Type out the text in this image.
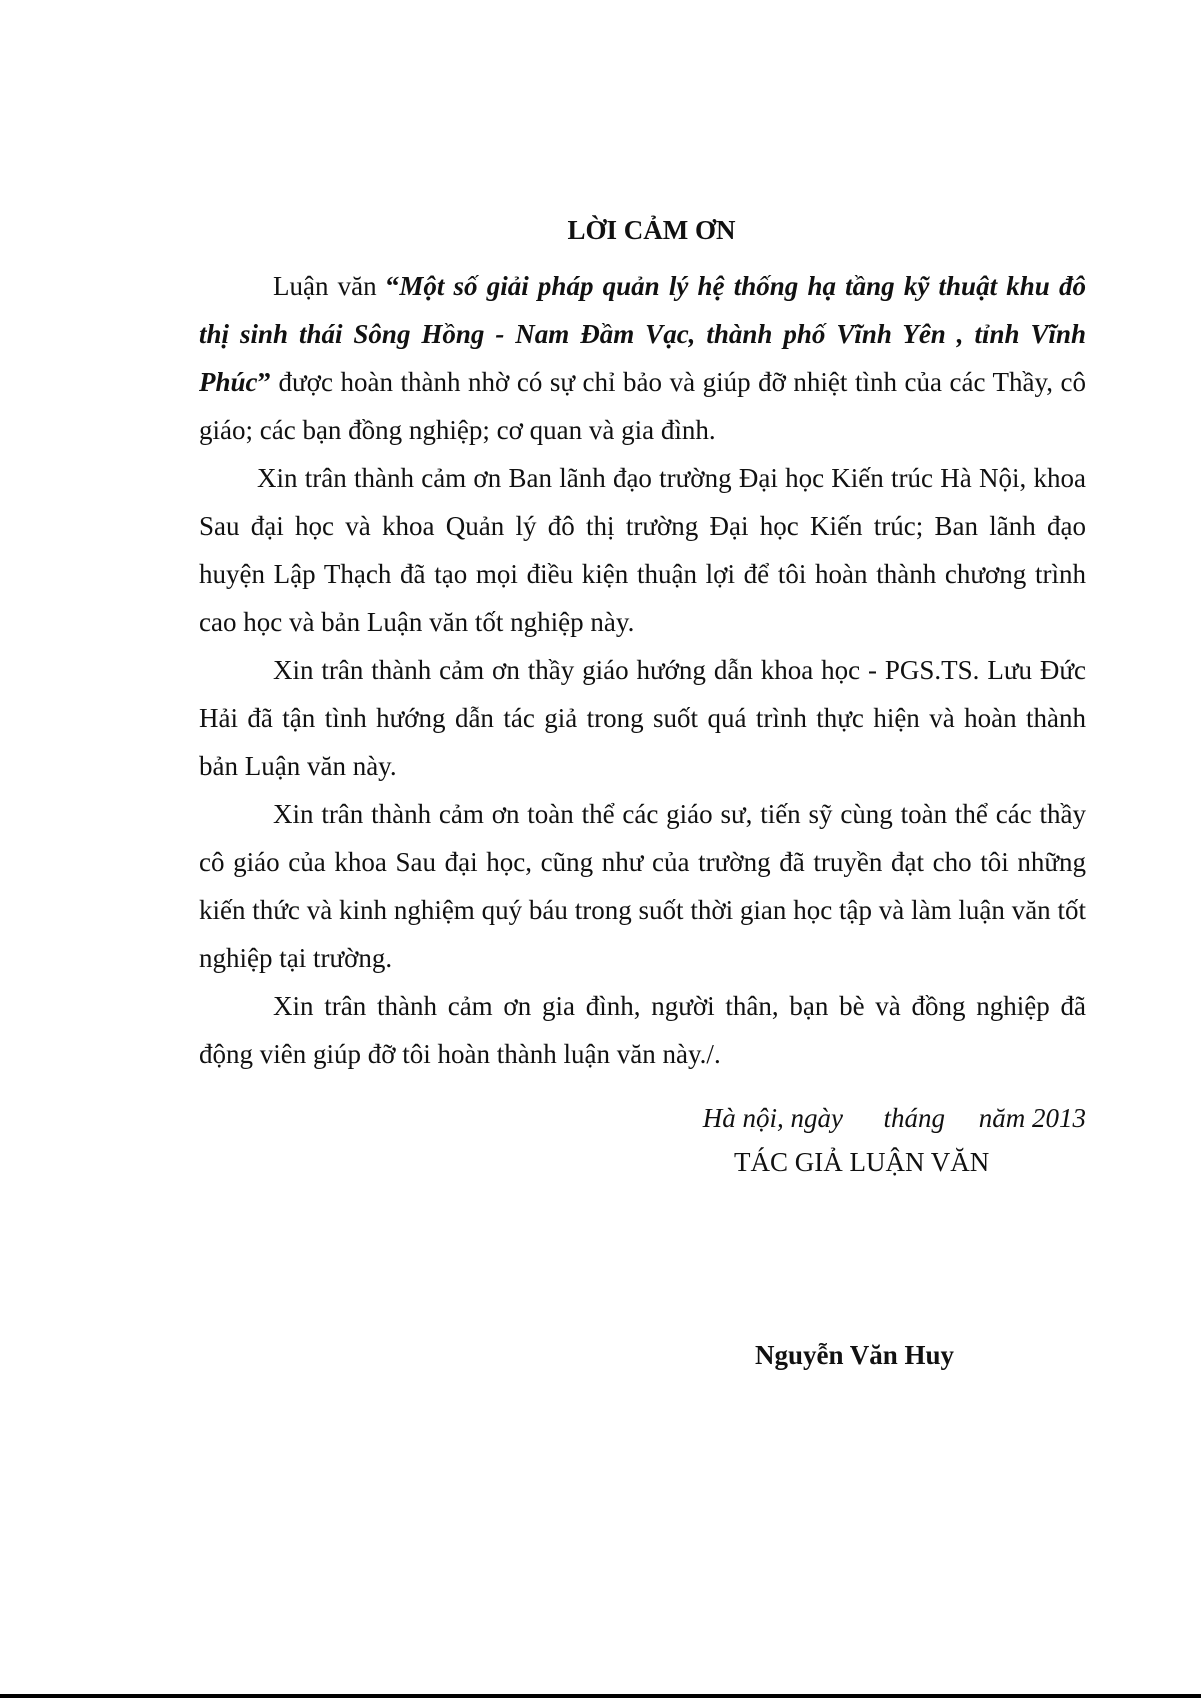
LỜI CẢM ƠN

Luận văn “Một số giải pháp quản lý hệ thống hạ tầng kỹ thuật khu đô thị sinh thái Sông Hồng - Nam Đầm Vạc, thành phố Vĩnh Yên , tỉnh Vĩnh Phúc” được hoàn thành nhờ có sự chỉ bảo và giúp đỡ nhiệt tình của các Thầy, cô giáo; các bạn đồng nghiệp; cơ quan và gia đình.

Xin trân thành cảm ơn Ban lãnh đạo trường Đại học Kiến trúc Hà Nội, khoa Sau đại học và khoa Quản lý đô thị trường Đại học Kiến trúc; Ban lãnh đạo huyện Lập Thạch đã tạo mọi điều kiện thuận lợi để tôi hoàn thành chương trình cao học và bản Luận văn tốt nghiệp này.

Xin trân thành cảm ơn thầy giáo hướng dẫn khoa học - PGS.TS. Lưu Đức Hải đã tận tình hướng dẫn tác giả trong suốt quá trình thực hiện và hoàn thành bản Luận văn này.

Xin trân thành cảm ơn toàn thể các giáo sư, tiến sỹ cùng toàn thể các thầy cô giáo của khoa Sau đại học, cũng như của trường đã truyền đạt cho tôi những kiến thức và kinh nghiệm quý báu trong suốt thời gian học tập và làm luận văn tốt nghiệp tại trường.

Xin trân thành cảm ơn gia đình, người thân, bạn bè và đồng nghiệp đã động viên giúp đỡ tôi hoàn thành luận văn này./.

Hà nội, ngày      tháng     năm 2013
TÁC GIẢ LUẬN VĂN
Nguyễn Văn Huy
